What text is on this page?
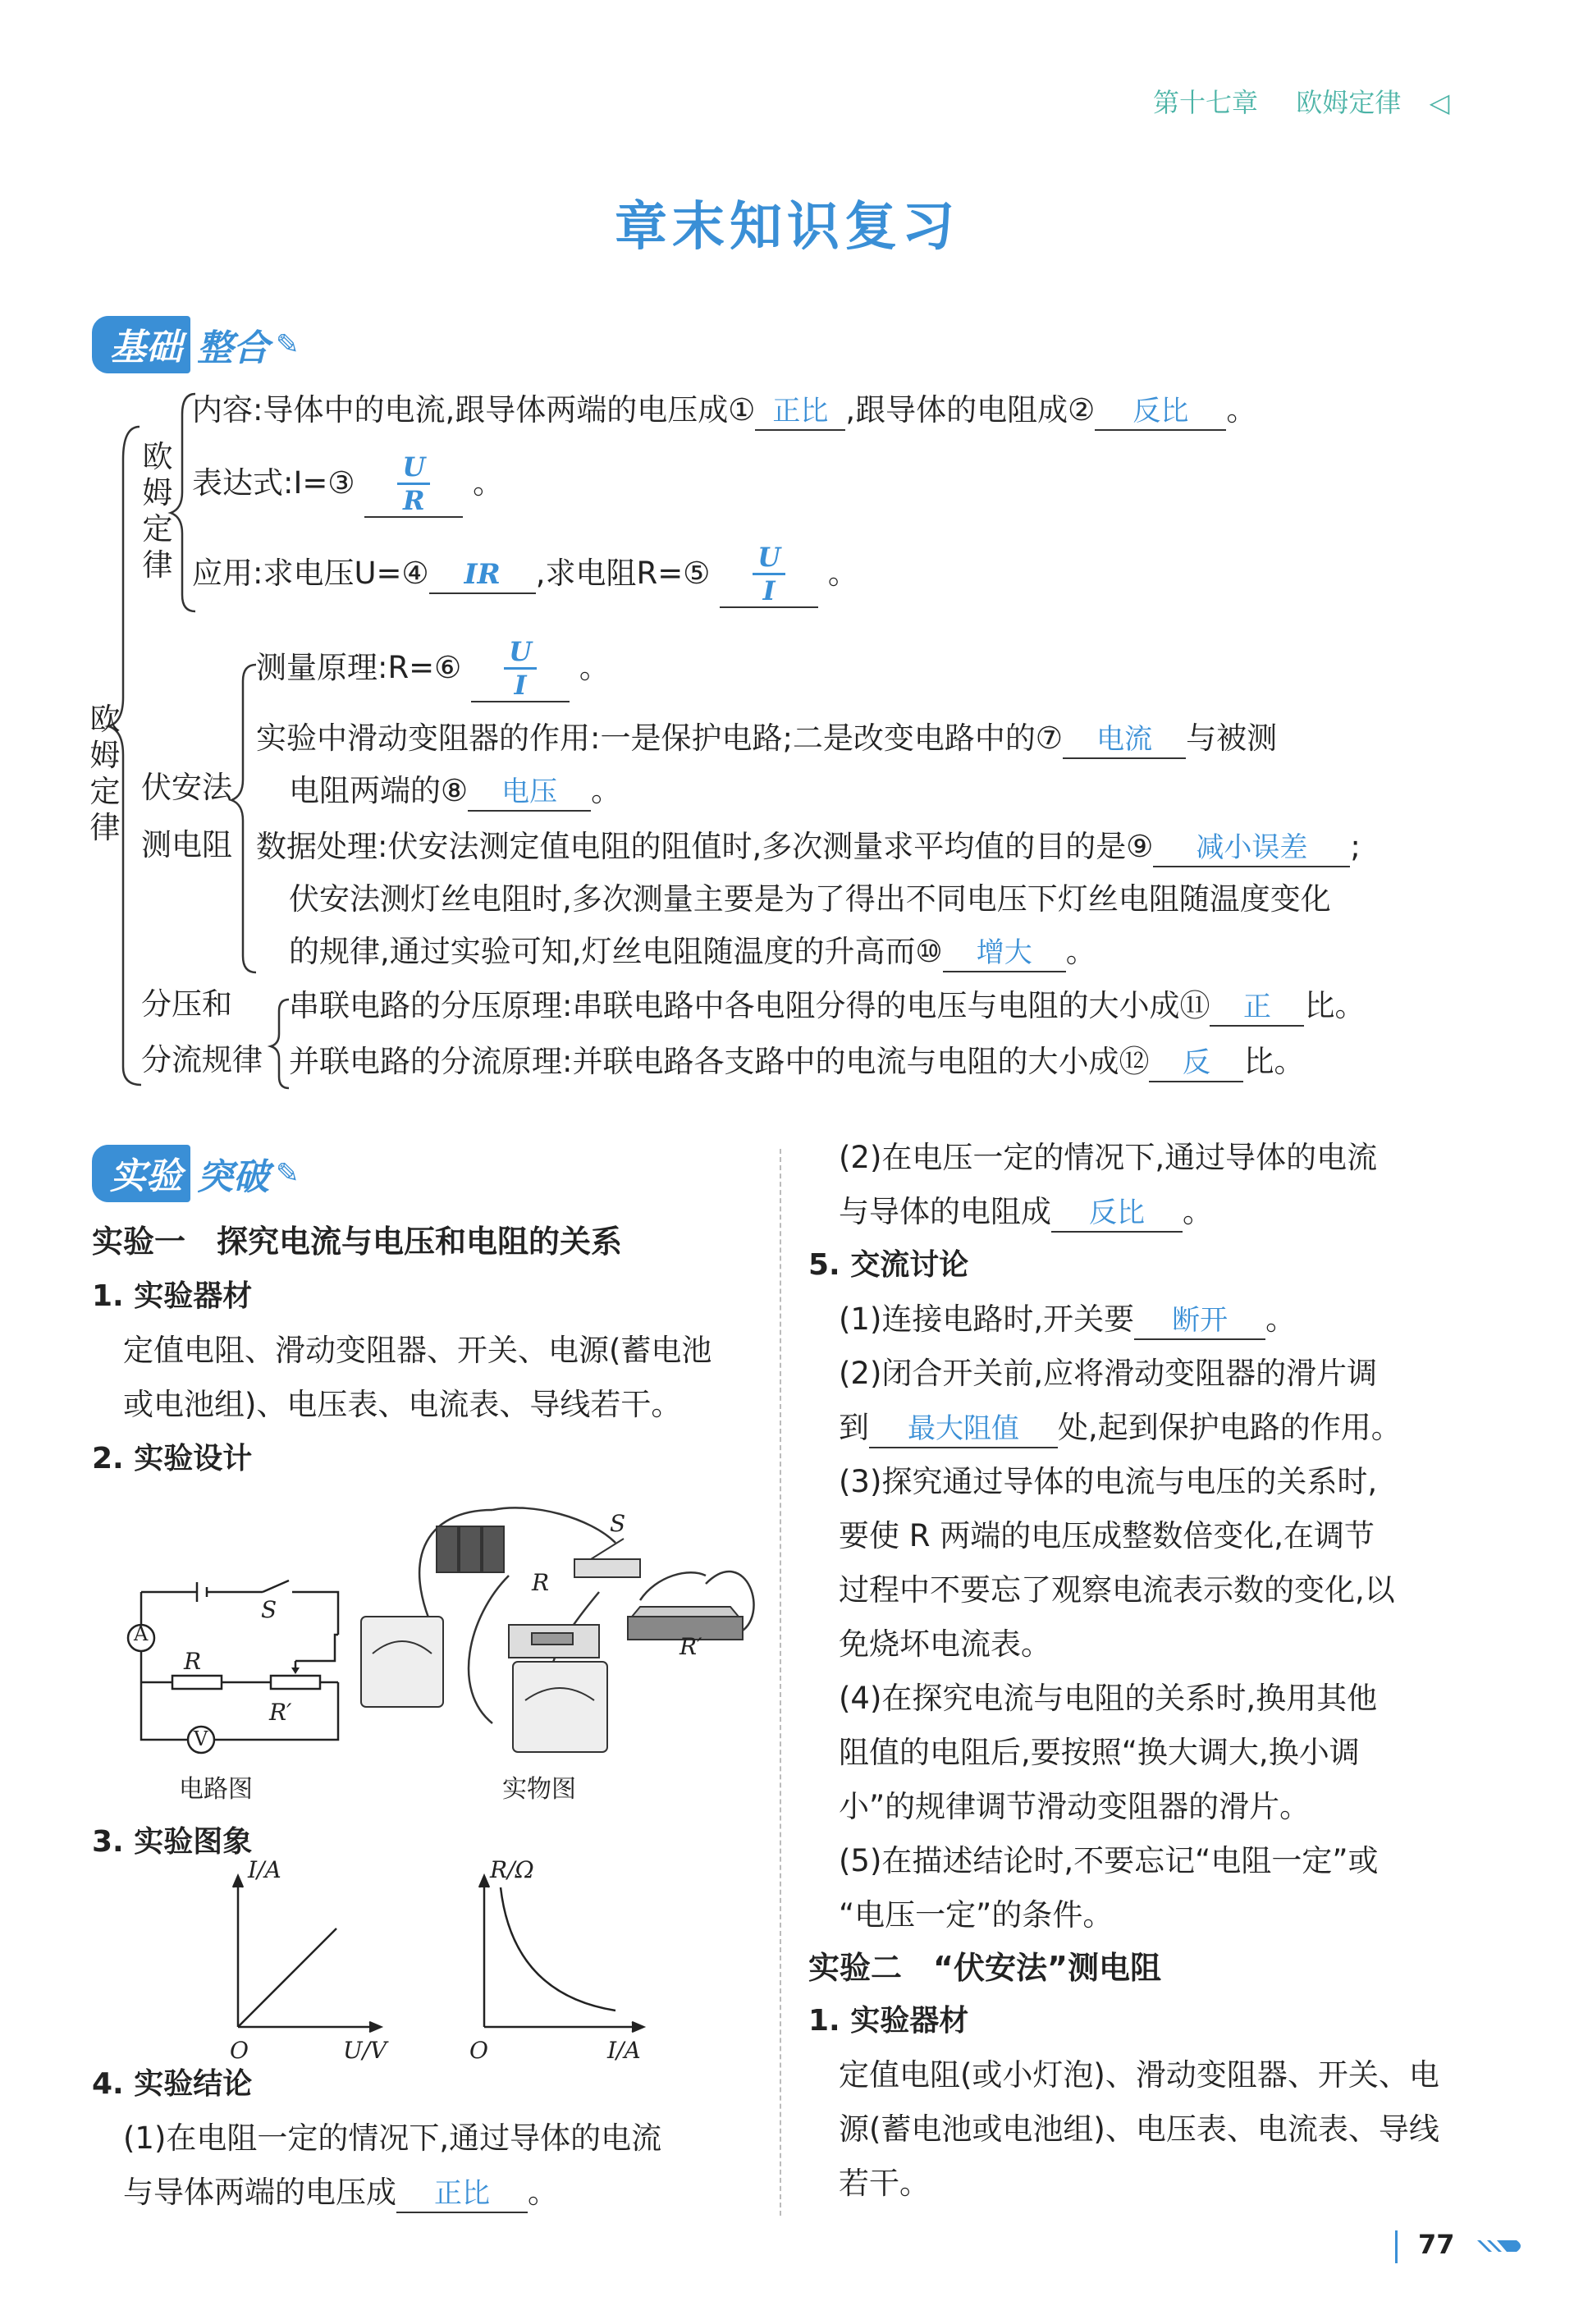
第十七章 欧姆定律 ◁
章末知识复习
基础 整合 ✎
欧
姆
定
律
欧
姆
定
律
内容:导体中的电流,跟导体两端的电压成① 正比 ,跟导体的电阻成② 反比 。
表达式:I=③ $\frac{U}{R}$ 。
应用:求电压U=④ IR ,求电阻R=⑤ $\frac{U}{I}$ 。
伏安法
测电阻
测量原理:R=⑥ $\frac{U}{I}$ 。
实验中滑动变阻器的作用:一是保护电路;二是改变电路中的⑦ 电流 与被测
电阻两端的⑧ 电压 。
数据处理:伏安法测定值电阻的阻值时,多次测量求平均值的目的是⑨ 减小误差 ;
伏安法测灯丝电阻时,多次测量主要是为了得出不同电压下灯丝电阻随温度变化
的规律,通过实验可知,灯丝电阻随温度的升高而⑩ 增大 。
分压和
分流规律
串联电路的分压原理:串联电路中各电阻分得的电压与电阻的大小成⑪ 正 比。
并联电路的分流原理:并联电路各支路中的电流与电阻的大小成⑫ 反 比。
实验 突破 ✎
实验一　探究电流与电压和电阻的关系
1. 实验器材
定值电阻、滑动变阻器、开关、电源(蓄电池
或电池组)、电压表、电流表、导线若干。
2. 实验设计
A
V
S
R
R′
电路图
S
R
R′
实物图
3. 实验图象
I/A
U/V
O
R/Ω
I/A
O
4. 实验结论
(1)在电阻一定的情况下,通过导体的电流
与导体两端的电压成 正比 。
(2)在电压一定的情况下,通过导体的电流
与导体的电阻成 反比 。
5. 交流讨论
(1)连接电路时,开关要 断开 。
(2)闭合开关前,应将滑动变阻器的滑片调
到 最大阻值 处,起到保护电路的作用。
(3)探究通过导体的电流与电压的关系时,
要使 R 两端的电压成整数倍变化,在调节
过程中不要忘了观察电流表示数的变化,以
免烧坏电流表。
(4)在探究电流与电阻的关系时,换用其他
阻值的电阻后,要按照“换大调大,换小调
小”的规律调节滑动变阻器的滑片。
(5)在描述结论时,不要忘记“电阻一定”或
“电压一定”的条件。
实验二　“伏安法”测电阻
1. 实验器材
定值电阻(或小灯泡)、滑动变阻器、开关、电
源(蓄电池或电池组)、电压表、电流表、导线
若干。
77
